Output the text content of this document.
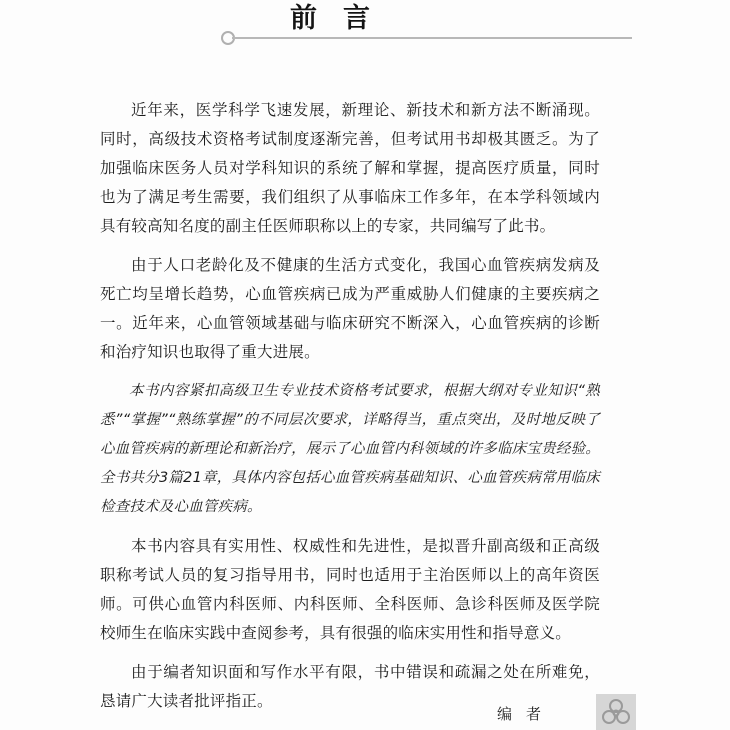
前言

近年来，医学科学飞速发展，新理论、新技术和新方法不断涌现。同时，高级技术资格考试制度逐渐完善，但考试用书却极其匮乏。为了加强临床医务人员对学科知识的系统了解和掌握，提高医疗质量，同时也为了满足考生需要，我们组织了从事临床工作多年，在本学科领域内具有较高知名度的副主任医师职称以上的专家，共同编写了此书。

由于人口老龄化及不健康的生活方式变化，我国心血管疾病发病及死亡均呈增长趋势，心血管疾病已成为严重威胁人们健康的主要疾病之一。近年来，心血管领域基础与临床研究不断深入，心血管疾病的诊断和治疗知识也取得了重大进展。

本书内容紧扣高级卫生专业技术资格考试要求，根据大纲对专业知识“熟悉”“掌握”“熟练掌握”的不同层次要求，详略得当，重点突出，及时地反映了心血管疾病的新理论和新治疗，展示了心血管内科领域的许多临床宝贵经验。全书共分3篇21章，具体内容包括心血管疾病基础知识、心血管疾病常用临床检查技术及心血管疾病。

本书内容具有实用性、权威性和先进性，是拟晋升副高级和正高级职称考试人员的复习指导用书，同时也适用于主治医师以上的高年资医师。可供心血管内科医师、内科医师、全科医师、急诊科医师及医学院校师生在临床实践中查阅参考，具有很强的临床实用性和指导意义。

由于编者知识面和写作水平有限，书中错误和疏漏之处在所难免，恳请广大读者批评指正。

编者
